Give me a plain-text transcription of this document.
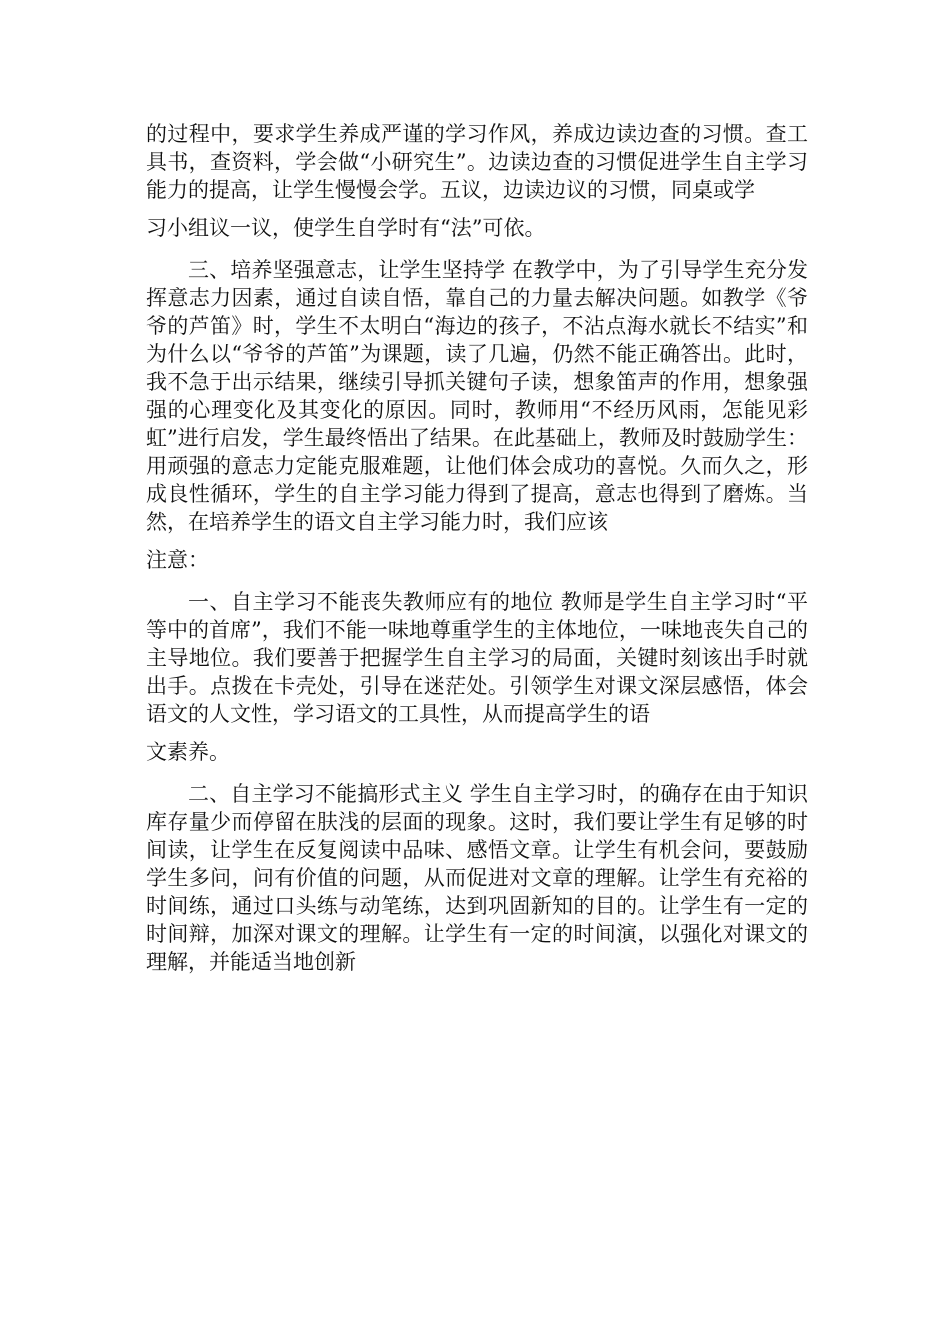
的过程中，要求学生养成严谨的学习作风，养成边读边查的习惯。查工具书，查资料，学会做“小研究生”。边读边查的习惯促进学生自主学习能力的提高，让学生慢慢会学。五议，边读边议的习惯，同桌或学
习小组议一议，使学生自学时有“法”可依。

三、培养坚强意志，让学生坚持学 在教学中，为了引导学生充分发挥意志力因素，通过自读自悟，靠自己的力量去解决问题。如教学《爷爷的芦笛》时，学生不太明白“海边的孩子，不沾点海水就长不结实”和为什么以“爷爷的芦笛”为课题，读了几遍，仍然不能正确答出。此时，我不急于出示结果，继续引导抓关键句子读，想象笛声的作用，想象强强的心理变化及其变化的原因。同时，教师用“不经历风雨，怎能见彩虹”进行启发，学生最终悟出了结果。在此基础上，教师及时鼓励学生：用顽强的意志力定能克服难题，让他们体会成功的喜悦。久而久之，形成良性循环，学生的自主学习能力得到了提高，意志也得到了磨炼。当然，在培养学生的语文自主学习能力时，我们应该
注意：

一、自主学习不能丧失教师应有的地位 教师是学生自主学习时“平等中的首席”，我们不能一味地尊重学生的主体地位，一味地丧失自己的主导地位。我们要善于把握学生自主学习的局面，关键时刻该出手时就出手。点拨在卡壳处，引导在迷茫处。引领学生对课文深层感悟，体会语文的人文性，学习语文的工具性，从而提高学生的语
文素养。

二、自主学习不能搞形式主义 学生自主学习时，的确存在由于知识库存量少而停留在肤浅的层面的现象。这时，我们要让学生有足够的时间读，让学生在反复阅读中品味、感悟文章。让学生有机会问，要鼓励学生多问，问有价值的问题，从而促进对文章的理解。让学生有充裕的时间练，通过口头练与动笔练，达到巩固新知的目的。让学生有一定的时间辩，加深对课文的理解。让学生有一定的时间演，以强化对课文的理解，并能适当地创新
